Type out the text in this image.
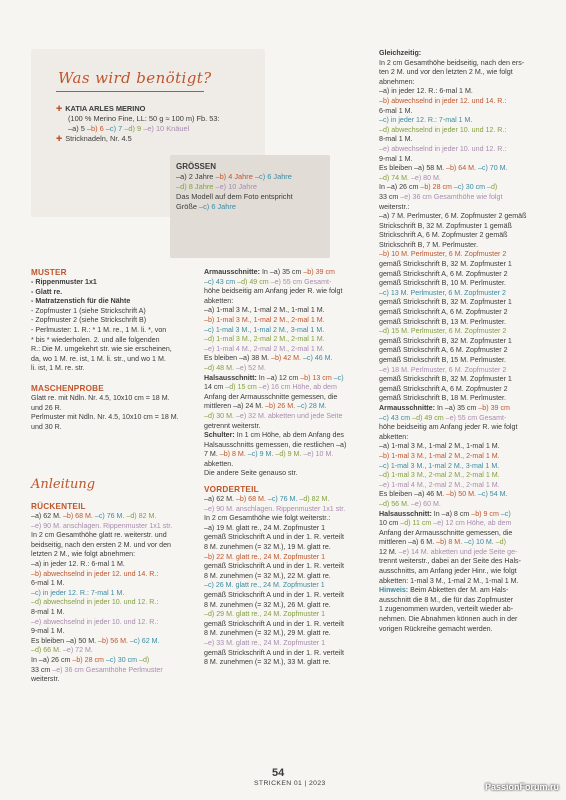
Was wird benötigt?

✚ KATIA ARLES MERINO

(100 % Merino Fine, LL: 50 g ≈ 100 m) Fb. 53:

–a) 5 –b) 6 –c) 7 –d) 9 –e) 10 Knäuel

✚ Stricknadeln, Nr. 4.5

GRÖSSEN

–a) 2 Jahre –b) 4 Jahre –c) 6 Jahre

–d) 8 Jahre –e) 10 Jahre

Das Modell auf dem Foto entspricht

Größe –c) 6 Jahre

MUSTER

- Rippenmuster 1x1

- Glatt re.

- Matratzenstich für die Nähte

- Zopfmuster 1 (siehe Strickschrift A)

- Zopfmuster 2 (siehe Strickschrift B)

- Perlmuster: 1. R.: * 1 M. re., 1 M. li. *, von

* bis * wiederholen. 2. und alle folgenden

R.: Die M. umgekehrt str. wie sie erscheinen,

da, wo 1 M. re. ist, 1 M. li. str., und wo 1 M.

li. ist, 1 M. re. str.

MASCHENPROBE

Glatt re. mit Ndln. Nr. 4.5, 10x10 cm = 18 M.

und 26 R.

Perlmuster mit Ndln. Nr. 4.5, 10x10 cm = 18 M.

und 30 R.

Anleitung

RÜCKENTEIL

–a) 62 M. –b) 68 M. –c) 76 M. –d) 82 M.

–e) 90 M. anschlagen. Rippenmuster 1x1 str.

In 2 cm Gesamthöhe glatt re. weiterstr. und

beidseitig, nach den ersten 2 M. und vor den

letzten 2 M., wie folgt abnehmen:

–a) in jeder 12. R.: 6-mal 1 M.

–b) abwechselnd in jeder 12. und 14. R.:

6-mal 1 M.

–c) in jeder 12. R.: 7-mal 1 M.

–d) abwechselnd in jeder 10. und 12. R.:

8-mal 1 M.

–e) abwechselnd in jeder 10. und 12. R.:

9-mal 1 M.

Es bleiben –a) 50 M. –b) 56 M. –c) 62 M.

–d) 66 M. –e) 72 M.

In –a) 26 cm –b) 28 cm –c) 30 cm –d)

33 cm –e) 36 cm Gesamthöhe Perlmuster

weiterstr.

Armausschnitte: In –a) 35 cm –b) 39 cm

–c) 43 cm –d) 49 cm –e) 55 cm Gesamt-

höhe beidseitig am Anfang jeder R. wie folgt

abketten:

–a) 1-mal 3 M., 1-mal 2 M., 1-mal 1 M.

–b) 1-mal 3 M., 1-mal 2 M., 2-mal 1 M.

–c) 1-mal 3 M., 1-mal 2 M., 3-mal 1 M.

–d) 1-mal 3 M., 2-mal 2 M., 2-mal 1 M.

–e) 1-mal 4 M., 2-mal 2 M., 2-mal 1 M.

Es bleiben –a) 38 M. –b) 42 M. –c) 46 M.

–d) 48 M. –e) 52 M.

Halsausschnitt: In –a) 12 cm –b) 13 cm –c)

14 cm –d) 15 cm –e) 16 cm Höhe, ab dem

Anfang der Armausschnitte gemessen, die

mittleren –a) 24 M. –b) 26 M. –c) 28 M.

–d) 30 M. –e) 32 M. abketten und jede Seite

getrennt weiterstr.

Schulter: In 1 cm Höhe, ab dem Anfang des

Halsausschnitts gemessen, die restlichen –a)

7 M. –b) 8 M. –c) 9 M. –d) 9 M. –e) 10 M.

abketten.

Die andere Seite genauso str.

VORDERTEIL

–a) 62 M. –b) 68 M. –c) 76 M. –d) 82 M.

–e) 90 M. anschlagen. Rippenmuster 1x1 str.

In 2 cm Gesamthöhe wie folgt weiterstr.:

–a) 19 M. glatt re., 24 M. Zopfmuster 1

gemäß Strickschrift A und in der 1. R. verteilt

8 M. zunehmen (= 32 M.), 19 M. glatt re.

–b) 22 M. glatt re., 24 M. Zopfmuster 1

gemäß Strickschrift A und in der 1. R. verteilt

8 M. zunehmen (= 32 M.), 22 M. glatt re.

–c) 26 M. glatt re., 24 M. Zopfmuster 1

gemäß Strickschrift A und in der 1. R. verteilt

8 M. zunehmen (= 32 M.), 26 M. glatt re.

–d) 29 M. glatt re., 24 M. Zopfmuster 1

gemäß Strickschrift A und in der 1. R. verteilt

8 M. zunehmen (= 32 M.), 29 M. glatt re.

–e) 33 M. glatt re., 24 M. Zopfmuster 1

gemäß Strickschrift A und in der 1. R. verteilt

8 M. zunehmen (= 32 M.), 33 M. glatt re.

Gleichzeitig:

In 2 cm Gesamthöhe beidseitig, nach den ers-

ten 2 M. und vor den letzten 2 M., wie folgt

abnehmen:

–a) in jeder 12. R.: 6-mal 1 M.

–b) abwechselnd in jeder 12. und 14. R.:

6-mal 1 M.

–c) in jeder 12. R.: 7-mal 1 M.

–d) abwechselnd in jeder 10. und 12. R.:

8-mal 1 M.

–e) abwechselnd in jeder 10. und 12. R.:

9-mal 1 M.

Es bleiben –a) 58 M. –b) 64 M. –c) 70 M.

–d) 74 M. –e) 80 M.

In –a) 26 cm –b) 28 cm –c) 30 cm –d)

33 cm –e) 36 cm Gesamthöhe wie folgt

weiterstr.:

–a) 7 M. Perlmuster, 6 M. Zopfmuster 2 gemäß

Strickschrift B, 32 M. Zopfmuster 1 gemäß

Strickschrift A, 6 M. Zopfmuster 2 gemäß

Strickschrift B, 7 M. Perlmuster.

–b) 10 M. Perlmuster, 6 M. Zopfmuster 2

gemäß Strickschrift B, 32 M. Zopfmuster 1

gemäß Strickschrift A, 6 M. Zopfmuster 2

gemäß Strickschrift B, 10 M. Perlmuster.

–c) 13 M. Perlmuster, 6 M. Zopfmuster 2

gemäß Strickschrift B, 32 M. Zopfmuster 1

gemäß Strickschrift A, 6 M. Zopfmuster 2

gemäß Strickschrift B, 13 M. Perlmuster.

–d) 15 M. Perlmuster, 6 M. Zopfmuster 2

gemäß Strickschrift B, 32 M. Zopfmuster 1

gemäß Strickschrift A, 6 M. Zopfmuster 2

gemäß Strickschrift B, 15 M. Perlmuster.

–e) 18 M. Perlmuster, 6 M. Zopfmuster 2

gemäß Strickschrift B, 32 M. Zopfmuster 1

gemäß Strickschrift A, 6 M. Zopfmuster 2

gemäß Strickschrift B, 18 M. Perlmuster.

Armausschnitte: In –a) 35 cm –b) 39 cm

–c) 43 cm –d) 49 cm –e) 55 cm Gesamt-

höhe beidseitig am Anfang jeder R. wie folgt

abketten:

–a) 1-mal 3 M., 1-mal 2 M., 1-mal 1 M.

–b) 1-mal 3 M., 1-mal 2 M., 2-mal 1 M.

–c) 1-mal 3 M., 1-mal 2 M., 3-mal 1 M.

–d) 1-mal 3 M., 2-mal 2 M., 2-mal 1 M.

–e) 1-mal 4 M., 2-mal 2 M., 2-mal 1 M.

Es bleiben –a) 46 M. –b) 50 M. –c) 54 M.

–d) 56 M. –e) 60 M.

Halsausschnitt: In –a) 8 cm –b) 9 cm –c)

10 cm –d) 11 cm –e) 12 cm Höhe, ab dem

Anfang der Armausschnitte gemessen, die

mittleren –a) 6 M. –b) 8 M. –c) 10 M. –d)

12 M. –e) 14 M. abketten und jede Seite ge-

trennt weiterstr., dabei an der Seite des Hals-

ausschnitts, am Anfang jeder Hinr., wie folgt

abketten: 1-mal 3 M., 1-mal 2 M., 1-mal 1 M.

Hinweis: Beim Abketten der M. am Hals-

ausschnitt die 8 M., die für das Zopfmuster

1 zugenommen wurden, verteilt wieder ab-

nehmen. Die Abnahmen können auch in der

vorigen Rückreihe gemacht werden.

54
STRICKEN 01 | 2023	PassionForum.ru
